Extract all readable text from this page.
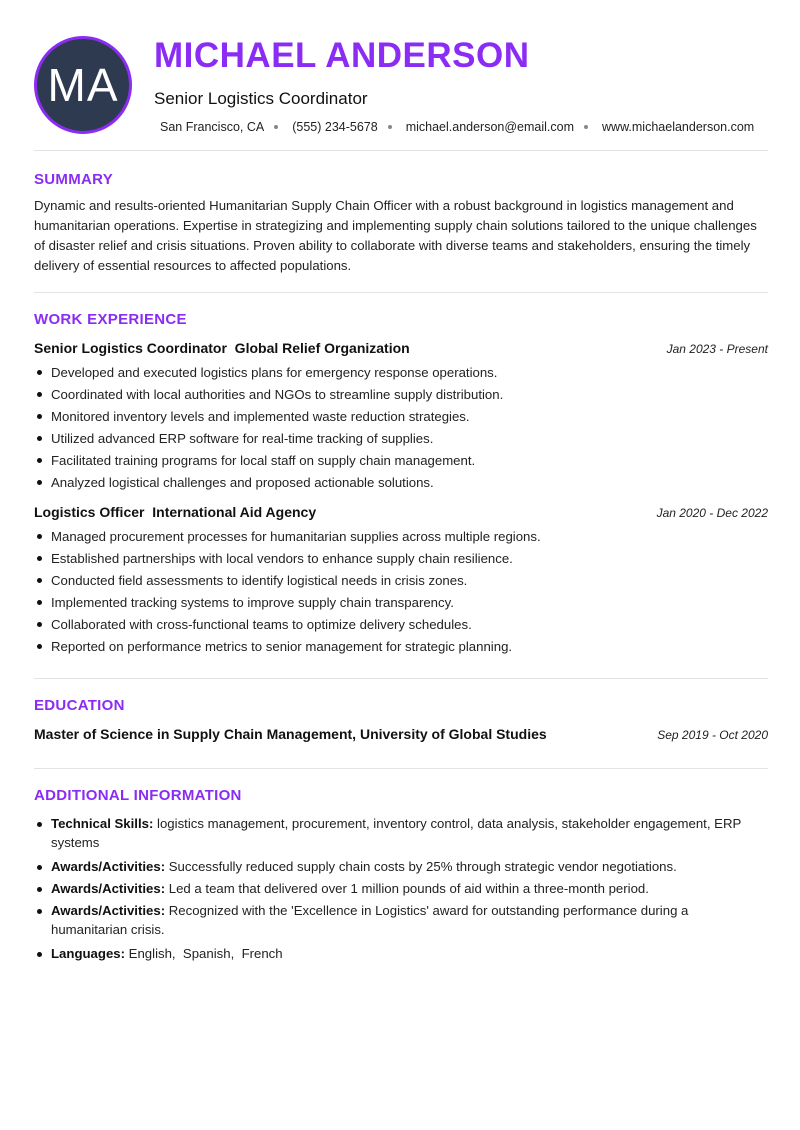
MA
MICHAEL ANDERSON
Senior Logistics Coordinator
San Francisco, CA (555) 234-5678 michael.anderson@email.com www.michaelanderson.com
SUMMARY
Dynamic and results-oriented Humanitarian Supply Chain Officer with a robust background in logistics management and humanitarian operations. Expertise in strategizing and implementing supply chain solutions tailored to the unique challenges of disaster relief and crisis situations. Proven ability to collaborate with diverse teams and stakeholders, ensuring the timely delivery of essential resources to affected populations.
WORK EXPERIENCE
Senior Logistics Coordinator  Global Relief Organization	Jan 2023 - Present
Developed and executed logistics plans for emergency response operations.
Coordinated with local authorities and NGOs to streamline supply distribution.
Monitored inventory levels and implemented waste reduction strategies.
Utilized advanced ERP software for real-time tracking of supplies.
Facilitated training programs for local staff on supply chain management.
Analyzed logistical challenges and proposed actionable solutions.
Logistics Officer  International Aid Agency	Jan 2020 - Dec 2022
Managed procurement processes for humanitarian supplies across multiple regions.
Established partnerships with local vendors to enhance supply chain resilience.
Conducted field assessments to identify logistical needs in crisis zones.
Implemented tracking systems to improve supply chain transparency.
Collaborated with cross-functional teams to optimize delivery schedules.
Reported on performance metrics to senior management for strategic planning.
EDUCATION
Master of Science in Supply Chain Management, University of Global Studies	Sep 2019 - Oct 2020
ADDITIONAL INFORMATION
Technical Skills: logistics management, procurement, inventory control, data analysis, stakeholder engagement, ERP systems
Awards/Activities: Successfully reduced supply chain costs by 25% through strategic vendor negotiations.
Awards/Activities: Led a team that delivered over 1 million pounds of aid within a three-month period.
Awards/Activities: Recognized with the 'Excellence in Logistics' award for outstanding performance during a humanitarian crisis.
Languages: English,  Spanish,  French
